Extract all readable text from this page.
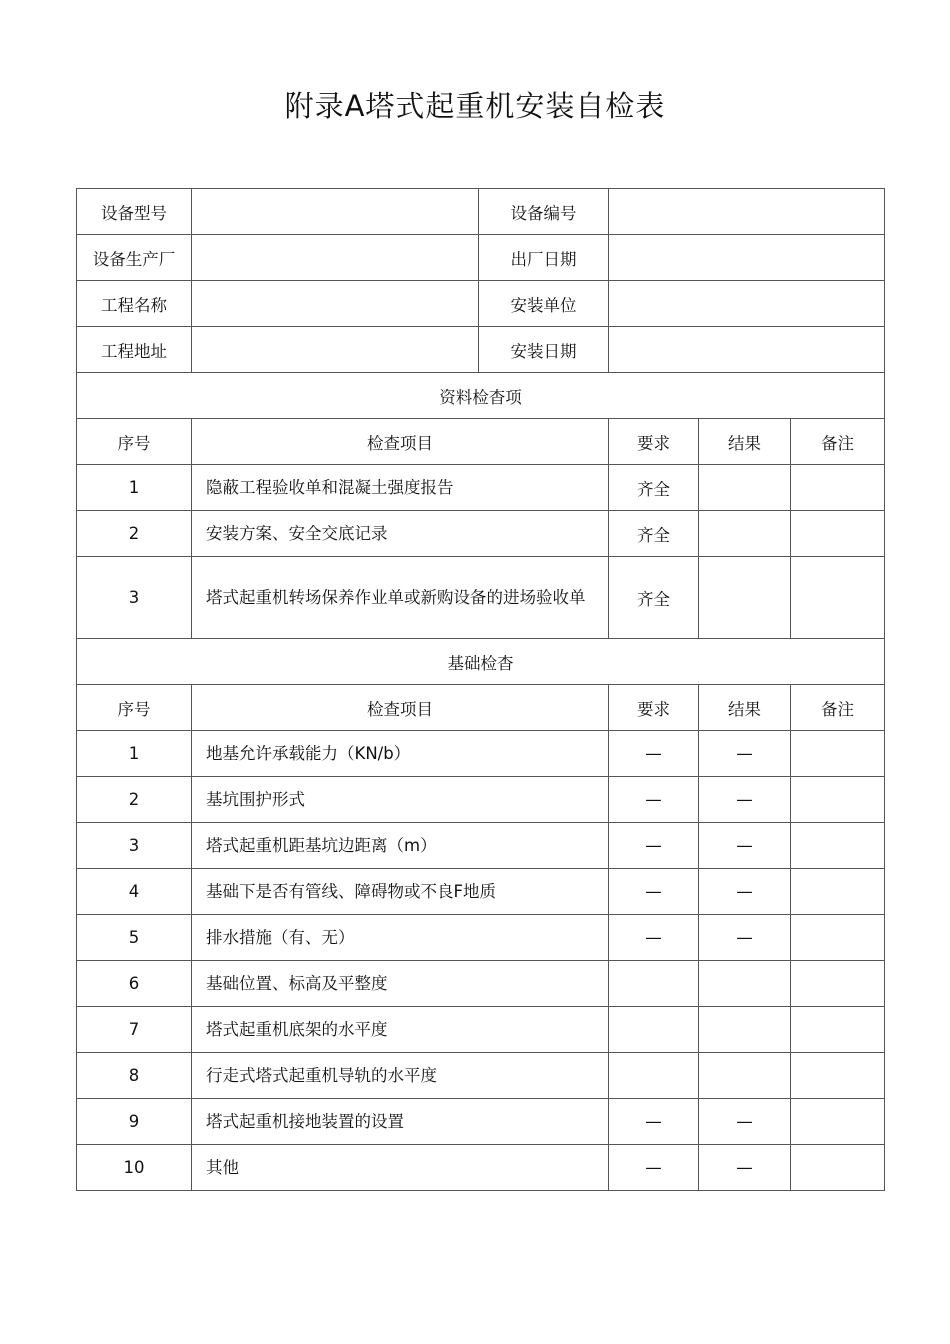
附录A塔式起重机安装自检表
设备型号		设备编号			
设备生产厂		出厂日期			
工程名称		安装单位			
工程地址		安装日期			
资料检杳项					
序号	检查项目		要求	结果	备注
1	隐蔽工程验收单和混凝土强度报告		齐全		
2	安装方案、安全交底记录		齐全		
3	塔式起重机转场保养作业单或新购设备的进场验收单		齐全		
基础检杳					
序号	检查项目		要求	结果	备注
1	地基允许承载能力（KN/b）		—	—	
2	基坑围护形式		—	—	
3	塔式起重机距基坑边距离（m）		—	—	
4	基础下是否有管线、障碍物或不良F地质		—	—	
5	排水措施（有、无）		—	—	
6	基础位置、标高及平整度				
7	塔式起重机底架的水平度				
8	行走式塔式起重机导轨的水平度				
9	塔式起重机接地装置的设置		—	—	
10	其他		—	—	
